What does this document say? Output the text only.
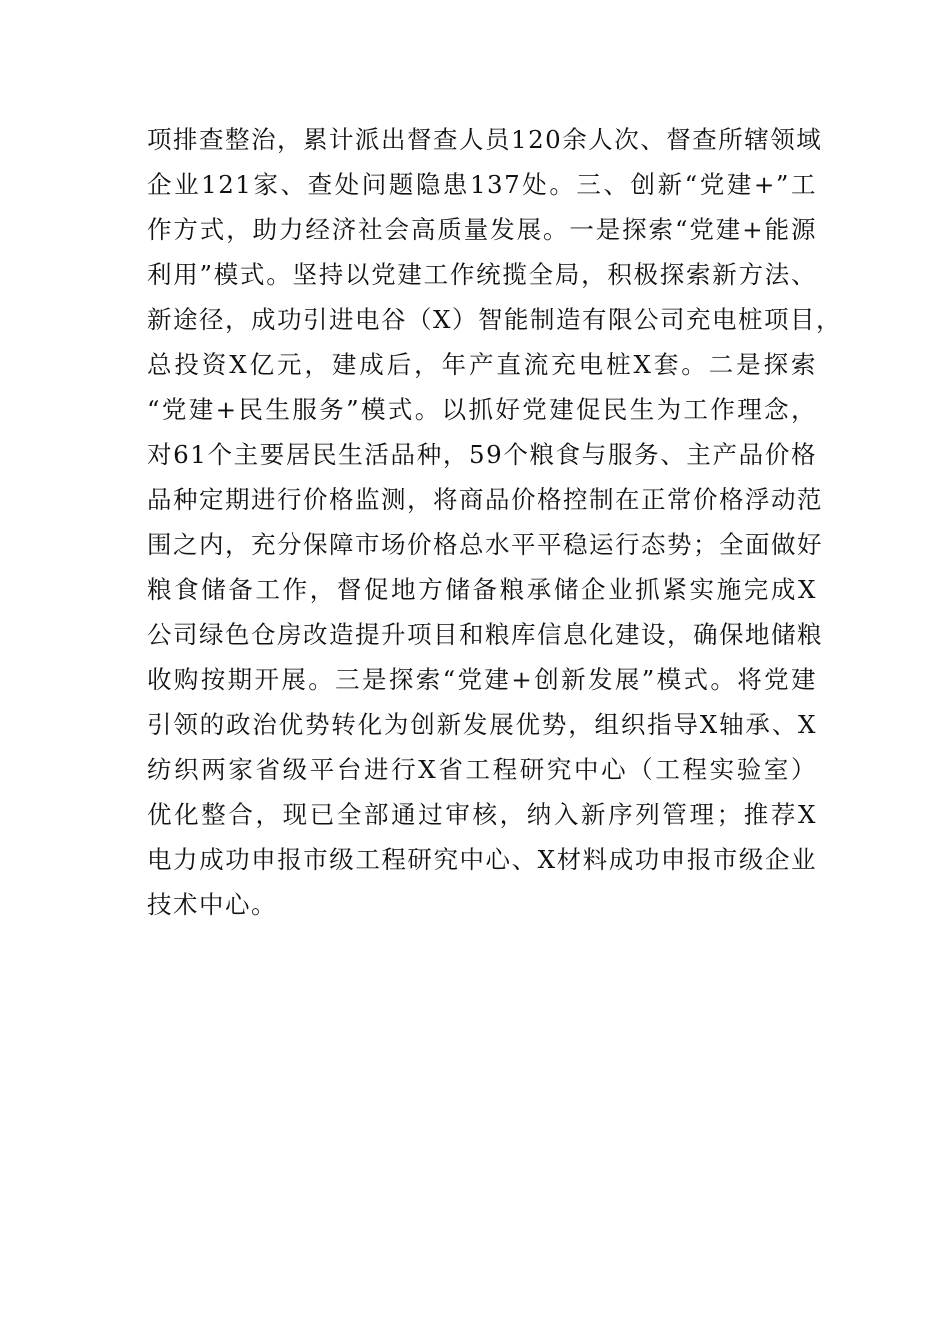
项排查整治，累计派出督查人员120余人次、督查所辖领域
企业121家、查处问题隐患137处。三、创新“党建+”工
作方式，助力经济社会高质量发展。一是探索“党建+能源
利用”模式。坚持以党建工作统揽全局，积极探索新方法、
新途径，成功引进电谷（X）智能制造有限公司充电桩项目，
总投资X亿元，建成后，年产直流充电桩X套。二是探索
“党建+民生服务”模式。以抓好党建促民生为工作理念，
对61个主要居民生活品种，59个粮食与服务、主产品价格
品种定期进行价格监测，将商品价格控制在正常价格浮动范
围之内，充分保障市场价格总水平平稳运行态势；全面做好
粮食储备工作，督促地方储备粮承储企业抓紧实施完成X
公司绿色仓房改造提升项目和粮库信息化建设，确保地储粮
收购按期开展。三是探索“党建+创新发展”模式。将党建
引领的政治优势转化为创新发展优势，组织指导X轴承、X
纺织两家省级平台进行X省工程研究中心（工程实验室）
优化整合，现已全部通过审核，纳入新序列管理；推荐X
电力成功申报市级工程研究中心、X材料成功申报市级企业
技术中心。
